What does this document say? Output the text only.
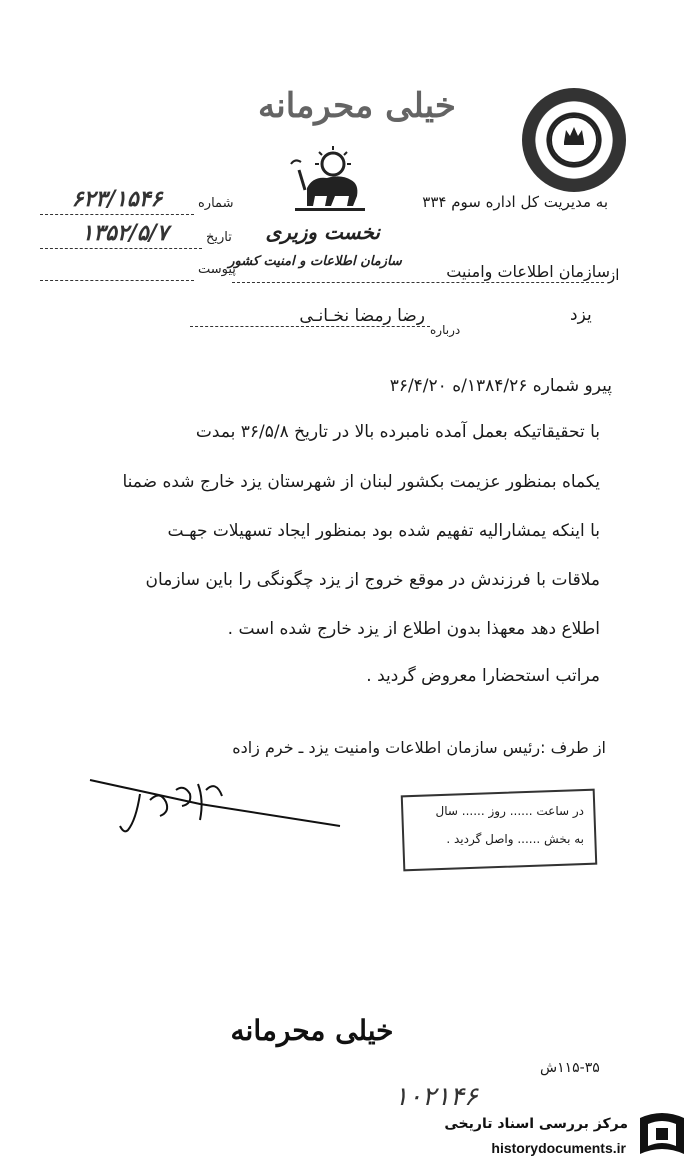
خیلی محرمانه
نخست وزیری
سازمان اطلاعات و امنیت کشور
به مدیریت کل اداره سوم ۳۳۴
شماره
۶۲۳/۱۵۴۶
تاریخ
۱۳۵۲/۵/۷
پیوست	از
سازمان اطلاعات وامنیت
یزد
رضا رمضا نخـانـی
درباره
پیرو شماره ۱۳۸۴/۲۶/ه ۳۶/۴/۲۰
با تحقیقاتیکه بعمل آمده نامبرده بالا در تاریخ ۳۶/۵/۸ بمدت
یکماه بمنظور عزیمت بکشور لبنان از شهرستان یزد خارج شده ضمنا
با اینکه یمشارالیه تفهیم شده بود بمنظور ایجاد تسهیلات جهـت
ملاقات با فرزندش در موقع خروج از یزد چگونگی را باین سازمان
اطلاع دهد معهذا بدون اطلاع از یزد خارج شده است .
مراتب استحضارا معروض گردید .
از طرف :رئیس سازمان اطلاعات وامنیت یزد ـ خرم زاده
در ساعت ...... روز ...... سال
به بخش ...... واصل گردید .
خیلی محرمانه
۱۱۵-۳۵ش
۱۰۲۱۴۶
مرکز بررسی اسناد تاریخی
historydocuments.ir
